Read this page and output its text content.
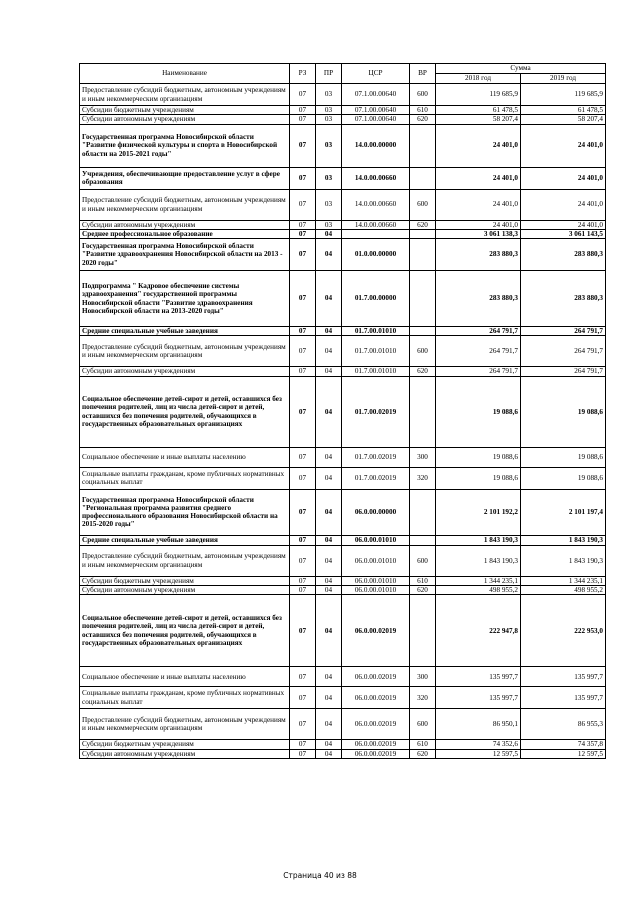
Наименование	РЗ	ПР	ЦСР	ВР	Сумма	
					2018 год	2019 год
Предоставление субсидий бюджетным, автономным учреждениям и иным некоммерческим организациям	07	03	07.1.00.00640	600	119 685,9	119 685,9
Субсидии бюджетным учреждениям	07	03	07.1.00.00640	610	61 478,5	61 478,5
Субсидии автономным учреждениям	07	03	07.1.00.00640	620	58 207,4	58 207,4
Государственная программа Новосибирской области "Развитие физической культуры и спорта в Новосибирской области на 2015-2021 годы"	07	03	14.0.00.00000		24 401,0	24 401,0
Учреждения, обеспечивающие предоставление услуг в сфере образования	07	03	14.0.00.00660		24 401,0	24 401,0
Предоставление субсидий бюджетным, автономным учреждениям и иным некоммерческим организациям	07	03	14.0.00.00660	600	24 401,0	24 401,0
Субсидии автономным учреждениям	07	03	14.0.00.00660	620	24 401,0	24 401,0
Среднее профессиональное образование	07	04			3 061 138,3	3 061 143,5
Государственная программа Новосибирской области "Развитие здравоохранения Новосибирской области на 2013 - 2020 годы"	07	04	01.0.00.00000		283 880,3	283 880,3
Подпрограмма " Кадровое обеспечение системы здравоохранения" государственной программы Новосибирской области "Развитие здравоохранения Новосибирской области на 2013-2020 годы"	07	04	01.7.00.00000		283 880,3	283 880,3
Средние специальные учебные заведения	07	04	01.7.00.01010		264 791,7	264 791,7
Предоставление субсидий бюджетным, автономным учреждениям и иным некоммерческим организациям	07	04	01.7.00.01010	600	264 791,7	264 791,7
Субсидии автономным учреждениям	07	04	01.7.00.01010	620	264 791,7	264 791,7
Социальное обеспечение детей-сирот и детей, оставшихся без попечения родителей, лиц из числа детей-сирот и детей, оставшихся без попечения родителей, обучающихся в государственных образовательных организациях	07	04	01.7.00.02019		19 088,6	19 088,6
Социальное обеспечение и иные выплаты населению	07	04	01.7.00.02019	300	19 088,6	19 088,6
Социальные выплаты гражданам, кроме публичных нормативных социальных выплат	07	04	01.7.00.02019	320	19 088,6	19 088,6
Государственная программа Новосибирской области "Региональная программа развития среднего профессионального образования Новосибирской области на 2015-2020 годы"	07	04	06.0.00.00000		2 101 192,2	2 101 197,4
Средние специальные учебные заведения	07	04	06.0.00.01010		1 843 190,3	1 843 190,3
Предоставление субсидий бюджетным, автономным учреждениям и иным некоммерческим организациям	07	04	06.0.00.01010	600	1 843 190,3	1 843 190,3
Субсидии бюджетным учреждениям	07	04	06.0.00.01010	610	1 344 235,1	1 344 235,1
Субсидии автономным учреждениям	07	04	06.0.00.01010	620	498 955,2	498 955,2
Социальное обеспечение детей-сирот и детей, оставшихся без попечения родителей, лиц из числа детей-сирот и детей, оставшихся без попечения родителей, обучающихся в государственных образовательных организациях	07	04	06.0.00.02019		222 947,8	222 953,0
Социальное обеспечение и иные выплаты населению	07	04	06.0.00.02019	300	135 997,7	135 997,7
Социальные выплаты гражданам, кроме публичных нормативных социальных выплат	07	04	06.0.00.02019	320	135 997,7	135 997,7
Предоставление субсидий бюджетным, автономным учреждениям и иным некоммерческим организациям	07	04	06.0.00.02019	600	86 950,1	86 955,3
Субсидии бюджетным учреждениям	07	04	06.0.00.02019	610	74 352,6	74 357,8
Субсидии автономным учреждениям	07	04	06.0.00.02019	620	12 597,5	12 597,5
Страница 40 из 88
